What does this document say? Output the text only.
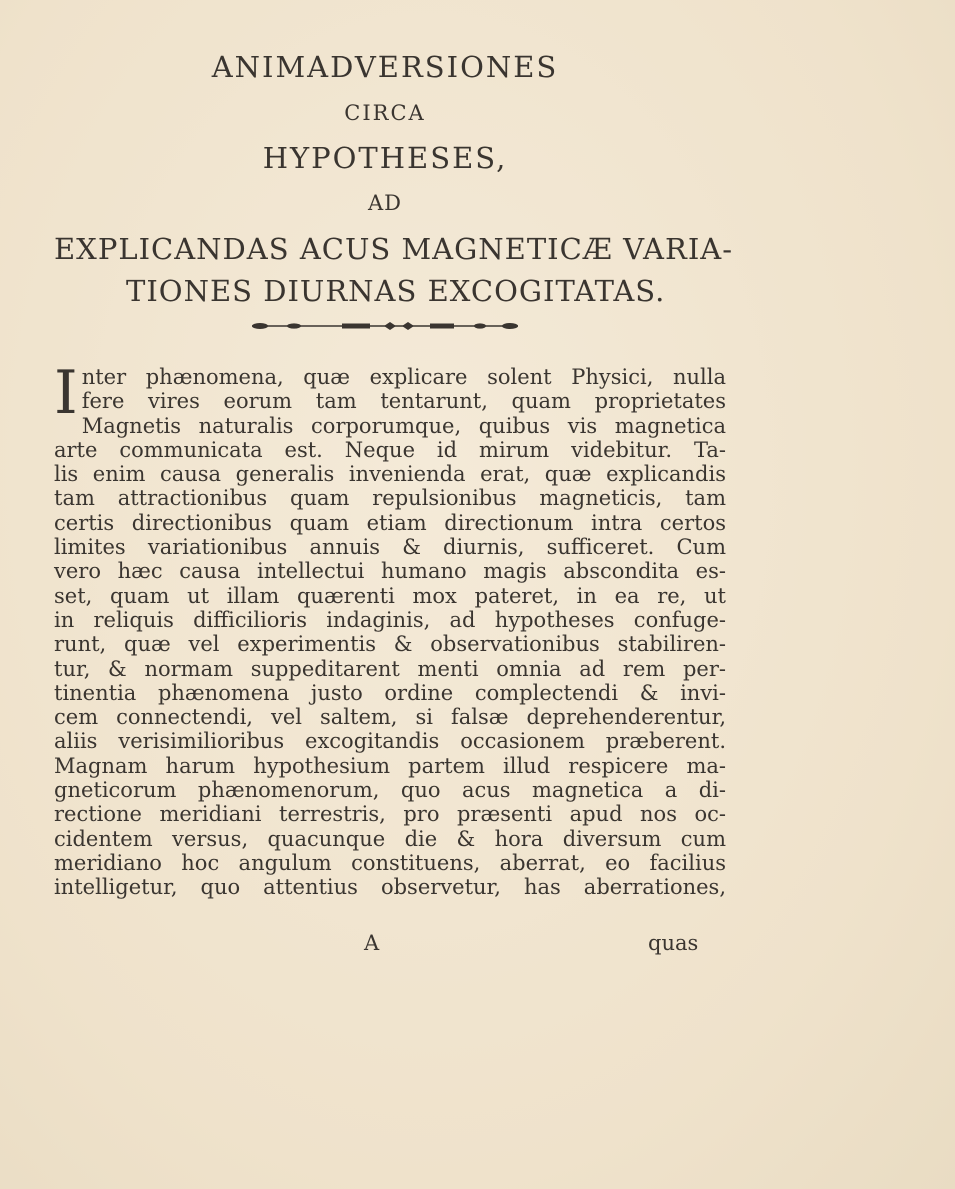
ANIMADVERSIONES
CIRCA
HYPOTHESES,
AD
EXPLICANDAS ACUS MAGNETICÆ VARIA-
TIONES DIURNAS EXCOGITATAS.
I nter phænomena, quæ explicare solent Physici, nulla
fere vires eorum tam tentarunt, quam proprietates
Magnetis naturalis corporumque, quibus vis magnetica
arte communicata est. Neque id mirum videbitur. Ta-
lis enim causa generalis invenienda erat, quæ explicandis
tam attractionibus quam repulsionibus magneticis, tam
certis directionibus quam etiam directionum intra certos
limites variationibus annuis & diurnis, sufficeret. Cum
vero hæc causa intellectui humano magis abscondita es-
set, quam ut illam quærenti mox pateret, in ea re, ut
in reliquis difficilioris indaginis, ad hypotheses confuge-
runt, quæ vel experimentis & observationibus stabiliren-
tur, & normam suppeditarent menti omnia ad rem per-
tinentia phænomena justo ordine complectendi & invi-
cem connectendi, vel saltem, si falsæ deprehenderentur,
aliis verisimilioribus excogitandis occasionem præberent.
Magnam harum hypothesium partem illud respicere ma-
gneticorum phænomenorum, quo acus magnetica a di-
rectione meridiani terrestris, pro præsenti apud nos oc-
cidentem versus, quacunque die & hora diversum cum
meridiano hoc angulum constituens, aberrat, eo facilius
intelligetur, quo attentius observetur, has aberrationes,
A	quas
